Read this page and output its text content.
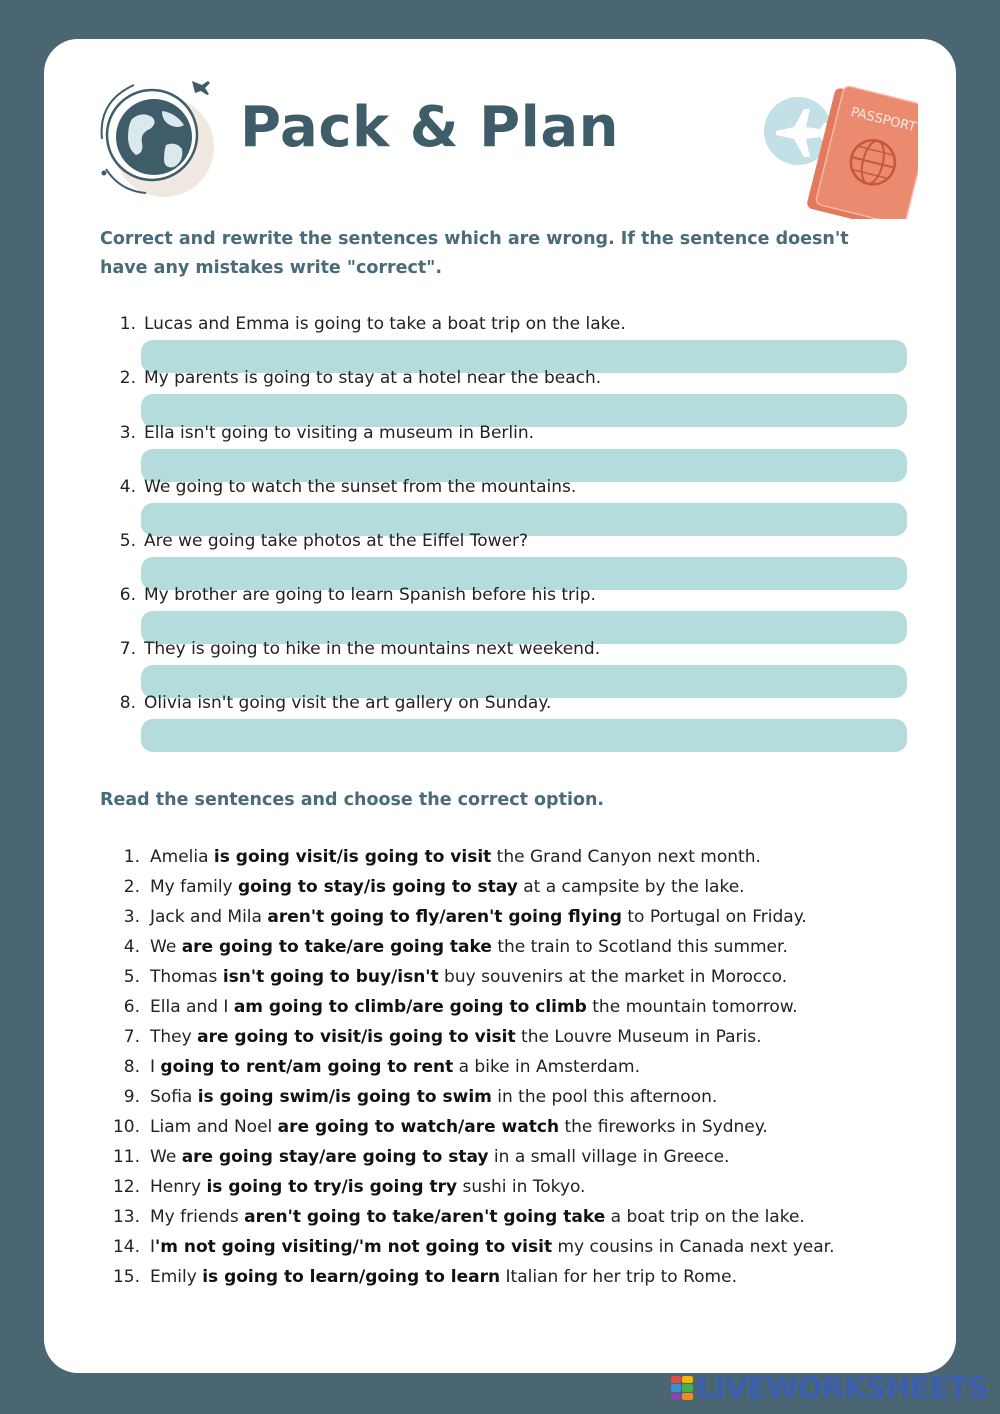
Pack & Plan	PASSPORT

Correct and rewrite the sentences which are wrong. If the sentence doesn't have any mistakes write "correct".

1. Lucas and Emma is going to take a boat trip on the lake.
2. My parents is going to stay at a hotel near the beach.
3. Ella isn't going to visiting a museum in Berlin.
4. We going to watch the sunset from the mountains.
5. Are we going take photos at the Eiffel Tower?
6. My brother are going to learn Spanish before his trip.
7. They is going to hike in the mountains next weekend.
8. Olivia isn't going visit the art gallery on Sunday.

Read the sentences and choose the correct option.

1. Amelia is going visit/is going to visit the Grand Canyon next month.
2. My family going to stay/is going to stay at a campsite by the lake.
3. Jack and Mila aren't going to fly/aren't going flying to Portugal on Friday.
4. We are going to take/are going take the train to Scotland this summer.
5. Thomas isn't going to buy/isn't buy souvenirs at the market in Morocco.
6. Ella and I am going to climb/are going to climb the mountain tomorrow.
7. They are going to visit/is going to visit the Louvre Museum in Paris.
8. I going to rent/am going to rent a bike in Amsterdam.
9. Sofia is going swim/is going to swim in the pool this afternoon.
10. Liam and Noel are going to watch/are watch the fireworks in Sydney.
11. We are going stay/are going to stay in a small village in Greece.
12. Henry is going to try/is going try sushi in Tokyo.
13. My friends aren't going to take/aren't going take a boat trip on the lake.
14. I'm not going visiting/'m not going to visit my cousins in Canada next year.
15. Emily is going to learn/going to learn Italian for her trip to Rome.
LIVEWORKSHEETS
